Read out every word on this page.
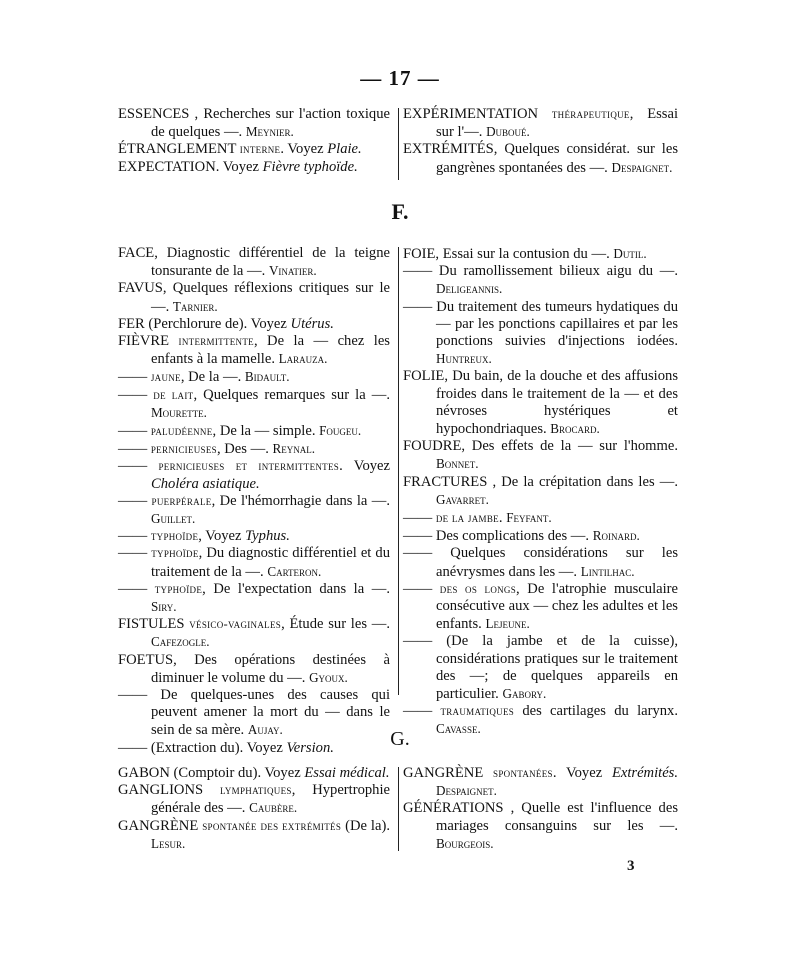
— 17 —
ESSENCES , Recherches sur l'action toxique de quelques —. Meynier.
ÉTRANGLEMENT interne. Voyez Plaie.
EXPECTATION. Voyez Fièvre typhoïde.
EXPÉRIMENTATION thérapeutique, Essai sur l'—. Duboué.
EXTRÉMITÉS, Quelques considérat. sur les gangrènes spontanées des —. Despaignet.
F.
FACE, Diagnostic différentiel de la teigne tonsurante de la —. Vinatier.
FAVUS, Quelques réflexions critiques sur le —. Tarnier.
FER (Perchlorure de). Voyez Utérus.
FIÈVRE intermittente, De la — chez les enfants à la mamelle. Larauza.
—— jaune, De la —. Bidault.
—— de lait, Quelques remarques sur la —. Mourette.
—— paludéenne, De la — simple. Fougeu.
—— pernicieuses, Des —. Reynal.
—— pernicieuses et intermittentes. Voyez Choléra asiatique.
—— puerpérale, De l'hémorrhagie dans la —. Guillet.
—— typhoïde, Voyez Typhus.
—— typhoïde, Du diagnostic différentiel et du traitement de la —. Carteron.
—— typhoïde, De l'expectation dans la —. Siry.
FISTULES vésico-vaginales, Étude sur les —. Cafezogle.
FOETUS, Des opérations destinées à diminuer le volume du —. Gyoux.
—— De quelques-unes des causes qui peuvent amener la mort du — dans le sein de sa mère. Aujay.
—— (Extraction du). Voyez Version.
FOIE, Essai sur la contusion du —. Dutil.
—— Du ramollissement bilieux aigu du —. Deligeannis.
—— Du traitement des tumeurs hydatiques du — par les ponctions capillaires et par les ponctions suivies d'injections iodées. Huntreux.
FOLIE, Du bain, de la douche et des affusions froides dans le traitement de la — et des névroses hystériques et hypochondriaques. Brocard.
FOUDRE, Des effets de la — sur l'homme. Bonnet.
FRACTURES , De la crépitation dans les —. Gavarret.
—— de la jambe. Feyfant.
—— Des complications des —. Roinard.
—— Quelques considérations sur les anévrysmes dans les —. Lintilhac.
—— des os longs, De l'atrophie musculaire consécutive aux — chez les adultes et les enfants. Lejeune.
—— (De la jambe et de la cuisse), considérations pratiques sur le traitement des —; de quelques appareils en particulier. Gabory.
—— traumatiques des cartilages du larynx. Cavasse.
G.
GABON (Comptoir du). Voyez Essai médical.
GANGLIONS lymphatiques, Hypertrophie générale des —. Caubère.
GANGRÈNE spontanée des extrémités (De la). Lesur.
GANGRÈNE spontanées. Voyez Extrémités. Despaignet.
GÉNÉRATIONS , Quelle est l'influence des mariages consanguins sur les —. Bourgeois.
3
